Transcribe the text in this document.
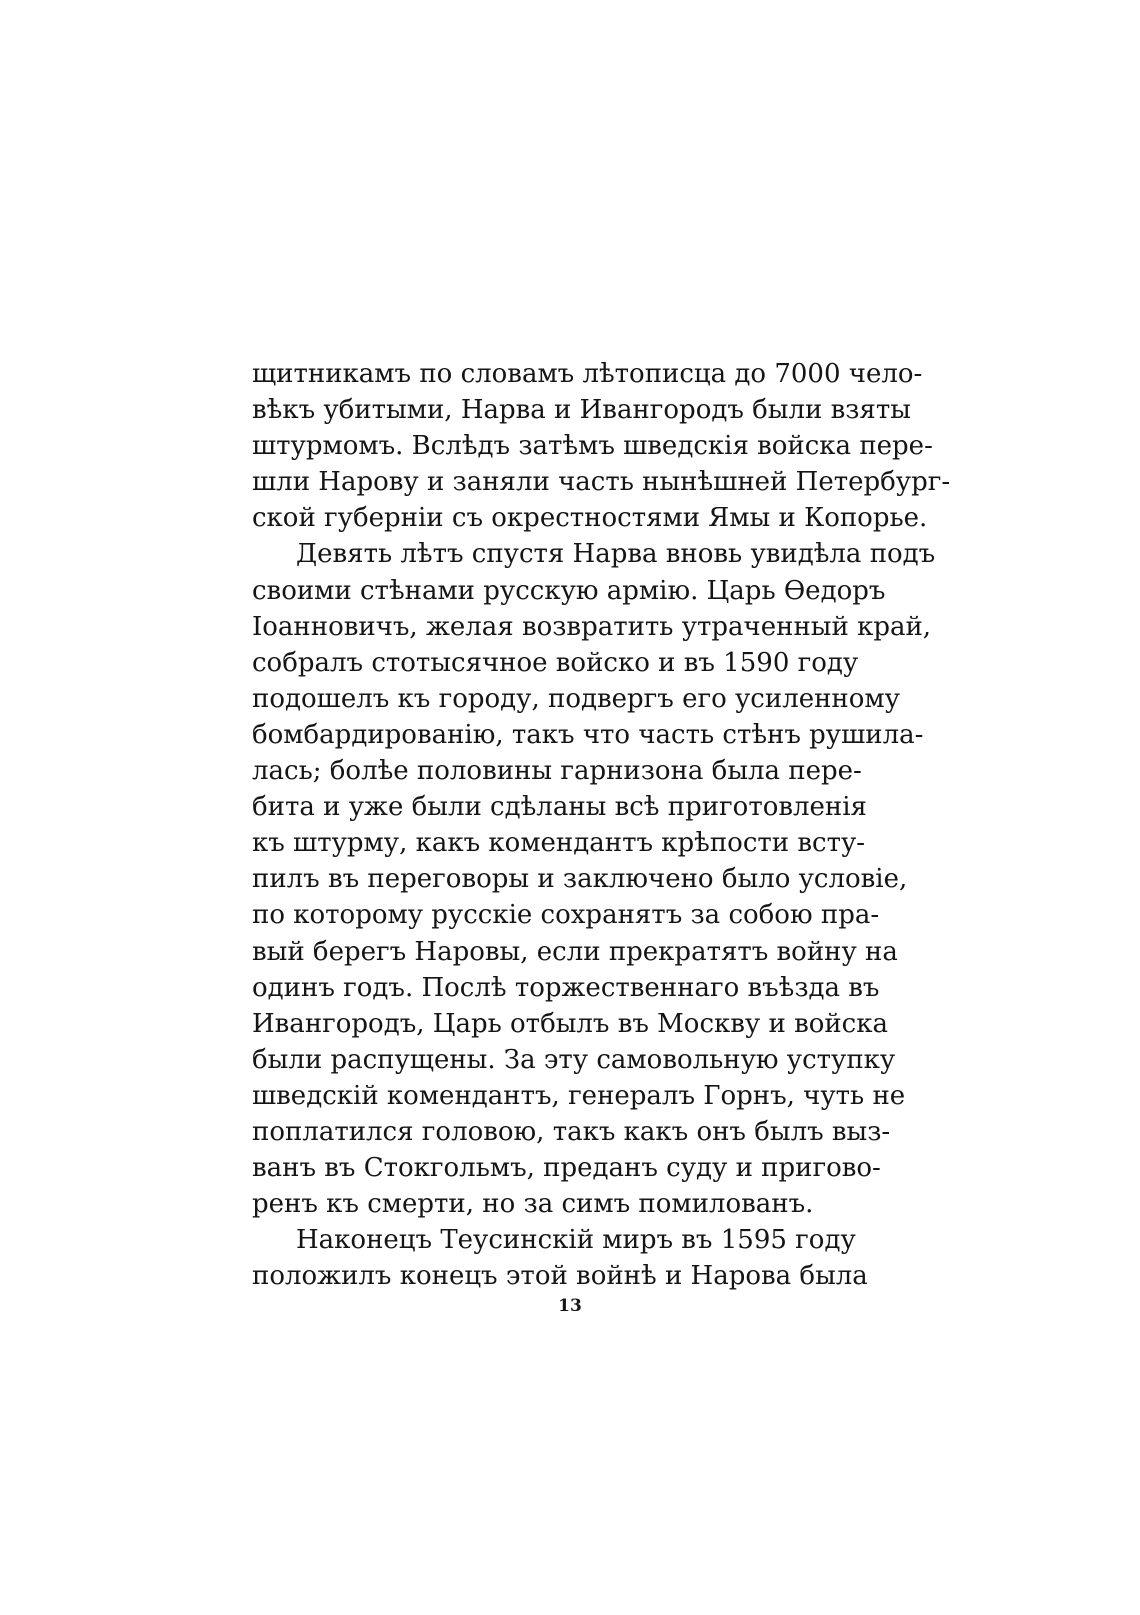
щитникамъ по словамъ лѣтописца до 7000 чело-
вѣкъ убитыми, Нарва и Ивангородъ были взяты
штурмомъ. Вслѣдъ затѣмъ шведскія войска пере-
шли Нарову и заняли часть нынѣшней Петербург-
ской губерніи съ окрестностями Ямы и Копорье.
Девять лѣтъ спустя Нарва вновь увидѣла подъ
своими стѣнами русскую армію. Царь Ѳедоръ
Іоанновичъ, желая возвратить утраченный край,
собралъ стотысячное войско и въ 1590 году
подошелъ къ городу, подвергъ его усиленному
бомбардированію, такъ что часть стѣнъ рушила-
лась; болѣе половины гарнизона была пере-
бита и уже были сдѣланы всѣ приготовленія
къ штурму, какъ комендантъ крѣпости всту-
пилъ въ переговоры и заключено было условіе,
по которому русскіе сохранятъ за собою пра-
вый берегъ Наровы, если прекратятъ войну на
одинъ годъ. Послѣ торжественнаго въѣзда въ
Ивангородъ, Царь отбылъ въ Москву и войска
были распущены. За эту самовольную уступку
шведскій комендантъ, генералъ Горнъ, чуть не
поплатился головою, такъ какъ онъ былъ выз-
ванъ въ Стокгольмъ, преданъ суду и пригово-
ренъ къ смерти, но за симъ помилованъ.
Наконецъ Теусинскій миръ въ 1595 году
положилъ конецъ этой войнѣ и Нарова была
13
